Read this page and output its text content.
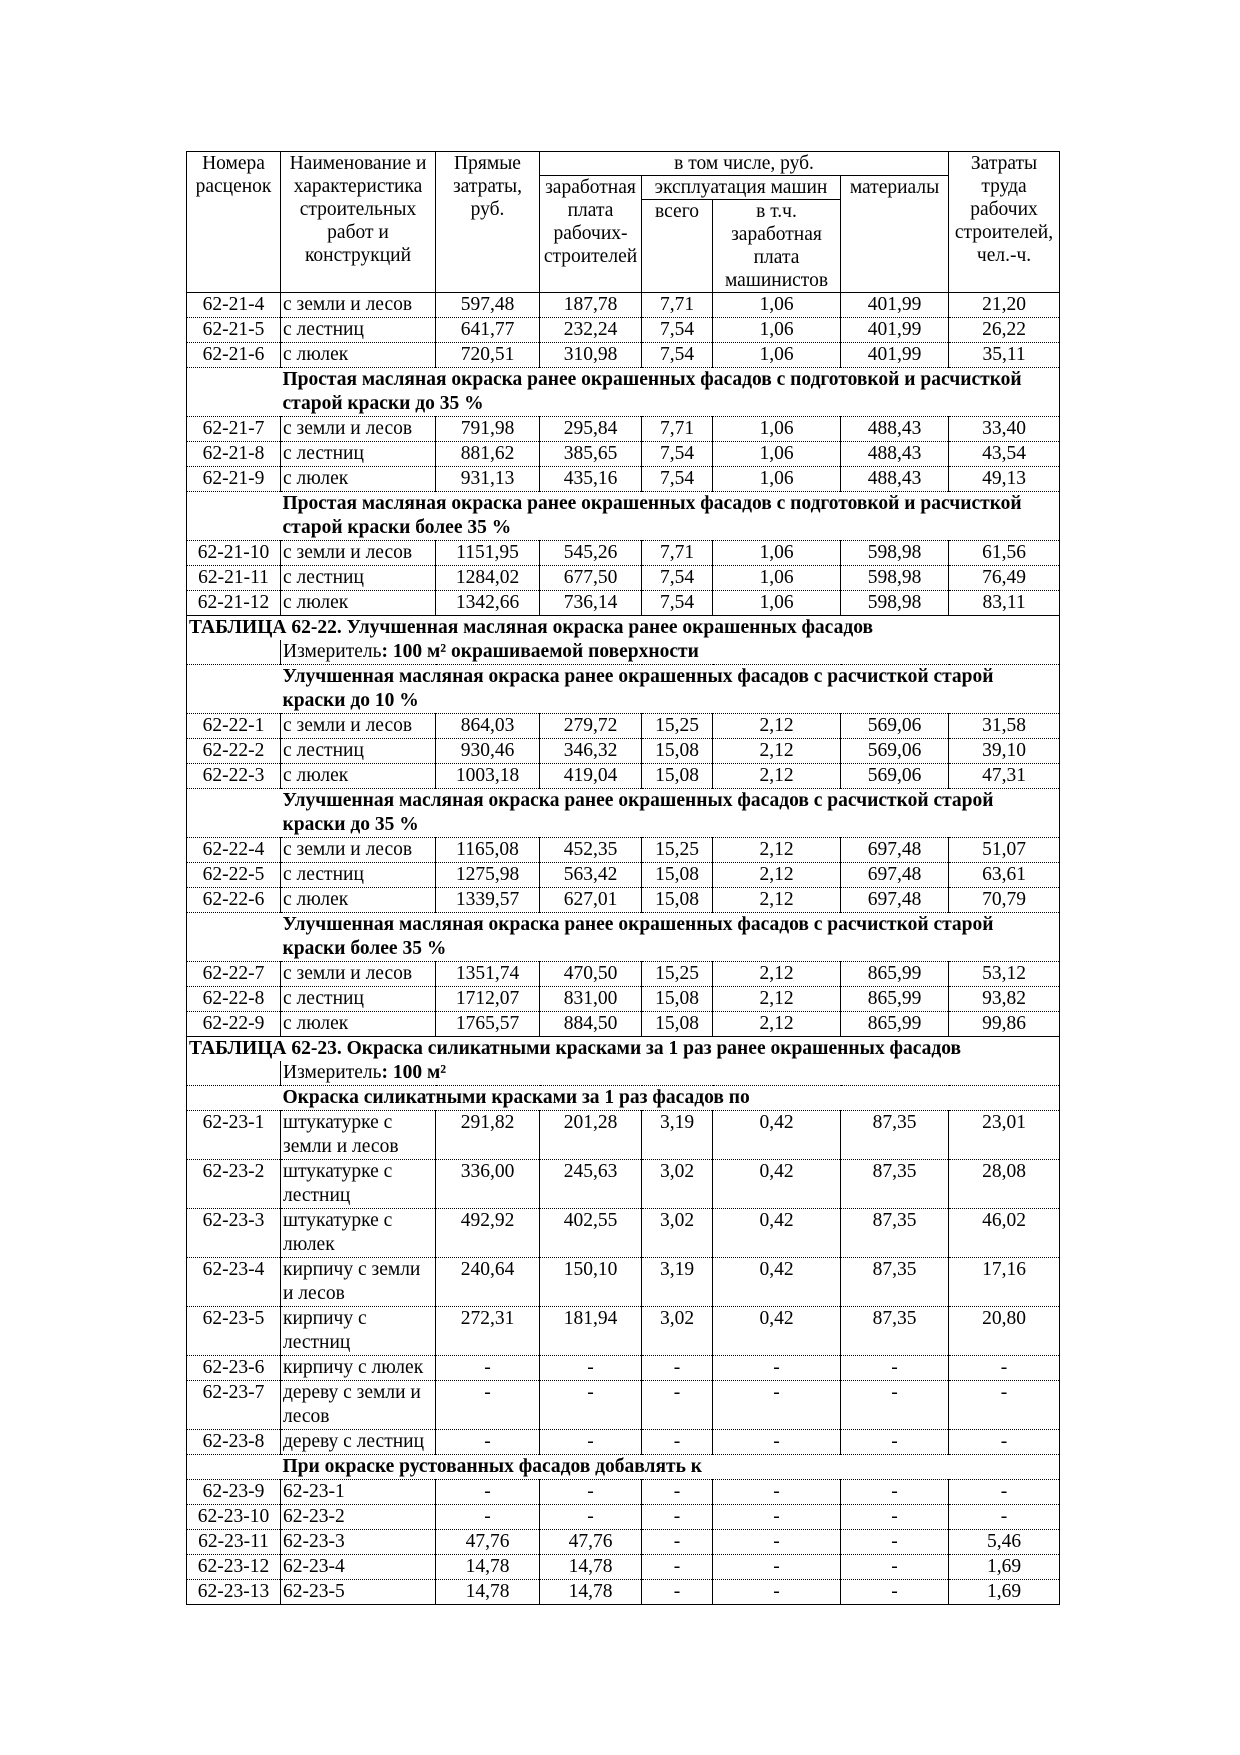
Номера расценок	Наименование и характеристика строительных работ и конструкций	Прямые затраты, руб.	в том числе, руб.				Затраты труда рабочих строителей, чел.-ч.
			заработная плата рабочих-строителей	эксплуатация машин		материалы	
				всего	в т.ч. заработная плата машинистов		
62-21-4	с земли и лесов	597,48	187,78	7,71	1,06	401,99	21,20
62-21-5	с лестниц	641,77	232,24	7,54	1,06	401,99	26,22
62-21-6	с люлек	720,51	310,98	7,54	1,06	401,99	35,11
	Простая масляная окраска ранее окрашенных фасадов с подготовкой и расчисткой старой краски до 35 %						
62-21-7	с земли и лесов	791,98	295,84	7,71	1,06	488,43	33,40
62-21-8	с лестниц	881,62	385,65	7,54	1,06	488,43	43,54
62-21-9	с люлек	931,13	435,16	7,54	1,06	488,43	49,13
	Простая масляная окраска ранее окрашенных фасадов с подготовкой и расчисткой старой краски более 35 %						
62-21-10	с земли и лесов	1151,95	545,26	7,71	1,06	598,98	61,56
62-21-11	с лестниц	1284,02	677,50	7,54	1,06	598,98	76,49
62-21-12	с люлек	1342,66	736,14	7,54	1,06	598,98	83,11
ТАБЛИЦА 62-22. Улучшенная масляная окраска ранее окрашенных фасадов							
	Измеритель: 100 м² окрашиваемой поверхности						
	Улучшенная масляная окраска ранее окрашенных фасадов с расчисткой старой краски до 10 %						
62-22-1	с земли и лесов	864,03	279,72	15,25	2,12	569,06	31,58
62-22-2	с лестниц	930,46	346,32	15,08	2,12	569,06	39,10
62-22-3	с люлек	1003,18	419,04	15,08	2,12	569,06	47,31
	Улучшенная масляная окраска ранее окрашенных фасадов с расчисткой старой краски до 35 %						
62-22-4	с земли и лесов	1165,08	452,35	15,25	2,12	697,48	51,07
62-22-5	с лестниц	1275,98	563,42	15,08	2,12	697,48	63,61
62-22-6	с люлек	1339,57	627,01	15,08	2,12	697,48	70,79
	Улучшенная масляная окраска ранее окрашенных фасадов с расчисткой старой краски более 35 %						
62-22-7	с земли и лесов	1351,74	470,50	15,25	2,12	865,99	53,12
62-22-8	с лестниц	1712,07	831,00	15,08	2,12	865,99	93,82
62-22-9	с люлек	1765,57	884,50	15,08	2,12	865,99	99,86
ТАБЛИЦА 62-23. Окраска силикатными красками за 1 раз ранее окрашенных фасадов							
	Измеритель: 100 м²						
	Окраска силикатными красками за 1 раз фасадов по						
62-23-1	штукатурке с земли и лесов	291,82	201,28	3,19	0,42	87,35	23,01
62-23-2	штукатурке с лестниц	336,00	245,63	3,02	0,42	87,35	28,08
62-23-3	штукатурке с люлек	492,92	402,55	3,02	0,42	87,35	46,02
62-23-4	кирпичу с земли и лесов	240,64	150,10	3,19	0,42	87,35	17,16
62-23-5	кирпичу с лестниц	272,31	181,94	3,02	0,42	87,35	20,80
62-23-6	кирпичу с люлек	-	-	-	-	-	-
62-23-7	дереву с земли и лесов	-	-	-	-	-	-
62-23-8	дереву с лестниц	-	-	-	-	-	-
	При окраске рустованных фасадов добавлять к						
62-23-9	62-23-1	-	-	-	-	-	-
62-23-10	62-23-2	-	-	-	-	-	-
62-23-11	62-23-3	47,76	47,76	-	-	-	5,46
62-23-12	62-23-4	14,78	14,78	-	-	-	1,69
62-23-13	62-23-5	14,78	14,78	-	-	-	1,69
